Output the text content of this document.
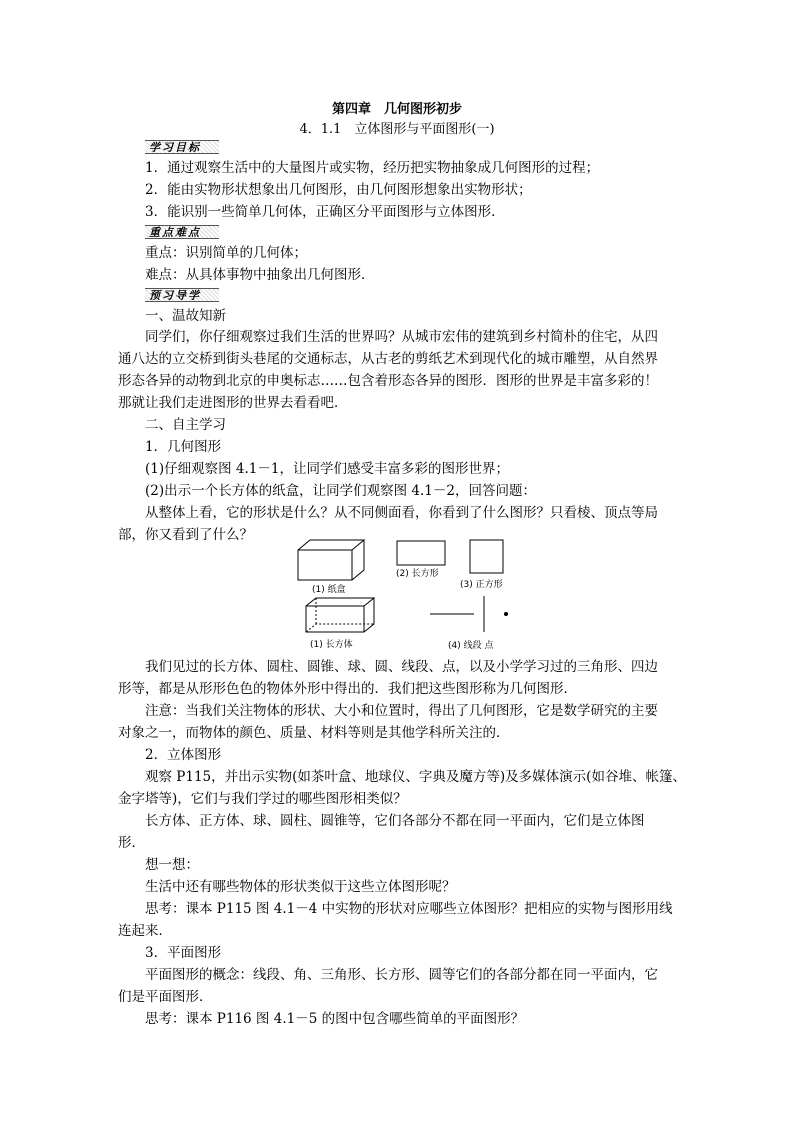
第四章　几何图形初步
4．1.1　立体图形与平面图形(一)
学习目标
1．通过观察生活中的大量图片或实物，经历把实物抽象成几何图形的过程；
2．能由实物形状想象出几何图形，由几何图形想象出实物形状；
3．能识别一些简单几何体，正确区分平面图形与立体图形．
重点难点
重点：识别简单的几何体；
难点：从具体事物中抽象出几何图形．
预习导学
一、温故知新
同学们，你仔细观察过我们生活的世界吗？从城市宏伟的建筑到乡村简朴的住宅，从四
通八达的立交桥到街头巷尾的交通标志，从古老的剪纸艺术到现代化的城市雕塑，从自然界
形态各异的动物到北京的申奥标志……包含着形态各异的图形．图形的世界是丰富多彩的！
那就让我们走进图形的世界去看看吧．
二、自主学习
1．几何图形
(1)仔细观察图 4.1－1，让同学们感受丰富多彩的图形世界；
(2)出示一个长方体的纸盒，让同学们观察图 4.1－2，回答问题：
从整体上看，它的形状是什么？从不同侧面看，你看到了什么图形？只看棱、顶点等局
部，你又看到了什么？
(1) 纸盒
(2) 长方形
(3) 正方形
(1) 长方体	(4) 线段 点
我们见过的长方体、圆柱、圆锥、球、圆、线段、点，以及小学学习过的三角形、四边
形等，都是从形形色色的物体外形中得出的．我们把这些图形称为几何图形．
注意：当我们关注物体的形状、大小和位置时，得出了几何图形，它是数学研究的主要
对象之一，而物体的颜色、质量、材料等则是其他学科所关注的．
2．立体图形
观察 P115，并出示实物(如茶叶盒、地球仪、字典及魔方等)及多媒体演示(如谷堆、帐篷、
金字塔等)，它们与我们学过的哪些图形相类似？
长方体、正方体、球、圆柱、圆锥等，它们各部分不都在同一平面内，它们是立体图
形．
想一想：
生活中还有哪些物体的形状类似于这些立体图形呢？
思考：课本 P115 图 4.1－4 中实物的形状对应哪些立体图形？把相应的实物与图形用线
连起来．
3．平面图形
平面图形的概念：线段、角、三角形、长方形、圆等它们的各部分都在同一平面内，它
们是平面图形．
思考：课本 P116 图 4.1－5 的图中包含哪些简单的平面图形？
